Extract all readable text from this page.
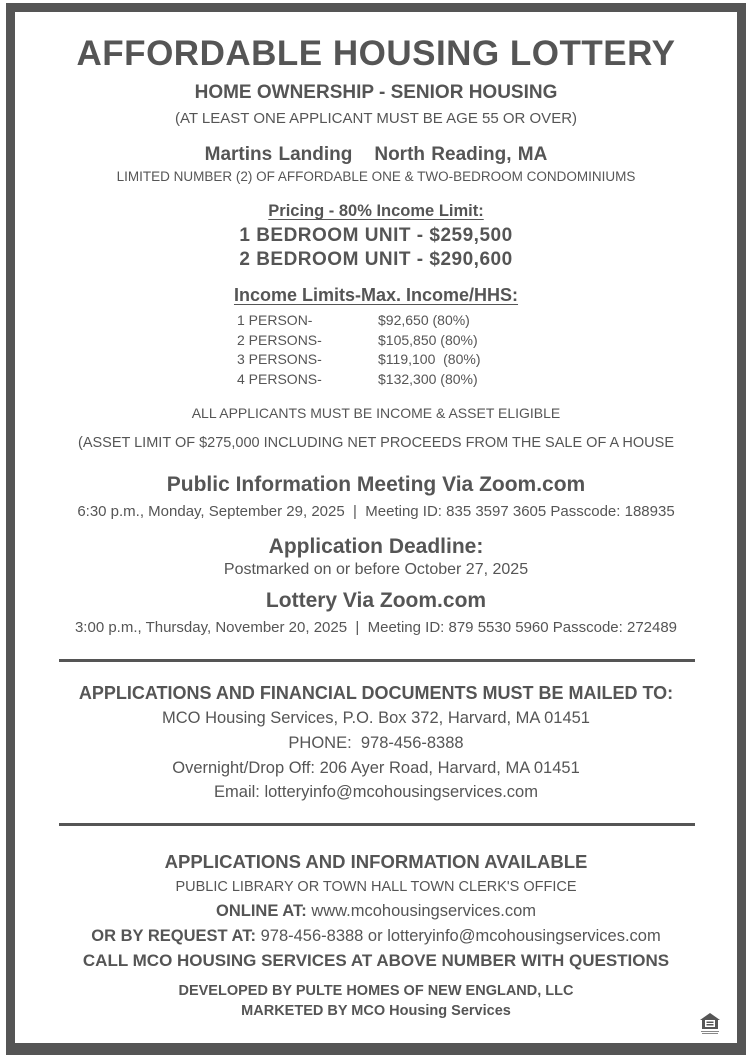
AFFORDABLE HOUSING LOTTERY
HOME OWNERSHIP - SENIOR HOUSING
(AT LEAST ONE APPLICANT MUST BE AGE 55 OR OVER)
Martins Landing North Reading, MA
LIMITED NUMBER (2) OF AFFORDABLE ONE & TWO-BEDROOM CONDOMINIUMS
Pricing - 80% Income Limit:
1 BEDROOM UNIT - $259,500
2 BEDROOM UNIT - $290,600
Income Limits-Max. Income/HHS:
1 PERSON-	$92,650 (80%)
2 PERSONS-	$105,850 (80%)
3 PERSONS-	$119,100  (80%)
4 PERSONS-	$132,300 (80%)
ALL APPLICANTS MUST BE INCOME & ASSET ELIGIBLE
(ASSET LIMIT OF $275,000 INCLUDING NET PROCEEDS FROM THE SALE OF A HOUSE
Public Information Meeting Via Zoom.com
6:30 p.m., Monday, September 29, 2025  |  Meeting ID: 835 3597 3605 Passcode: 188935
Application Deadline:
Postmarked on or before October 27, 2025
Lottery Via Zoom.com
3:00 p.m., Thursday, November 20, 2025  |  Meeting ID: 879 5530 5960 Passcode: 272489
APPLICATIONS AND FINANCIAL DOCUMENTS MUST BE MAILED TO:
MCO Housing Services, P.O. Box 372, Harvard, MA 01451
PHONE:  978-456-8388
Overnight/Drop Off: 206 Ayer Road, Harvard, MA 01451
Email: lotteryinfo@mcohousingservices.com
APPLICATIONS AND INFORMATION AVAILABLE
PUBLIC LIBRARY OR TOWN HALL TOWN CLERK'S OFFICE
ONLINE AT: www.mcohousingservices.com
OR BY REQUEST AT: 978-456-8388 or lotteryinfo@mcohousingservices.com
CALL MCO HOUSING SERVICES AT ABOVE NUMBER WITH QUESTIONS
DEVELOPED BY PULTE HOMES OF NEW ENGLAND, LLC
MARKETED BY MCO Housing Services
